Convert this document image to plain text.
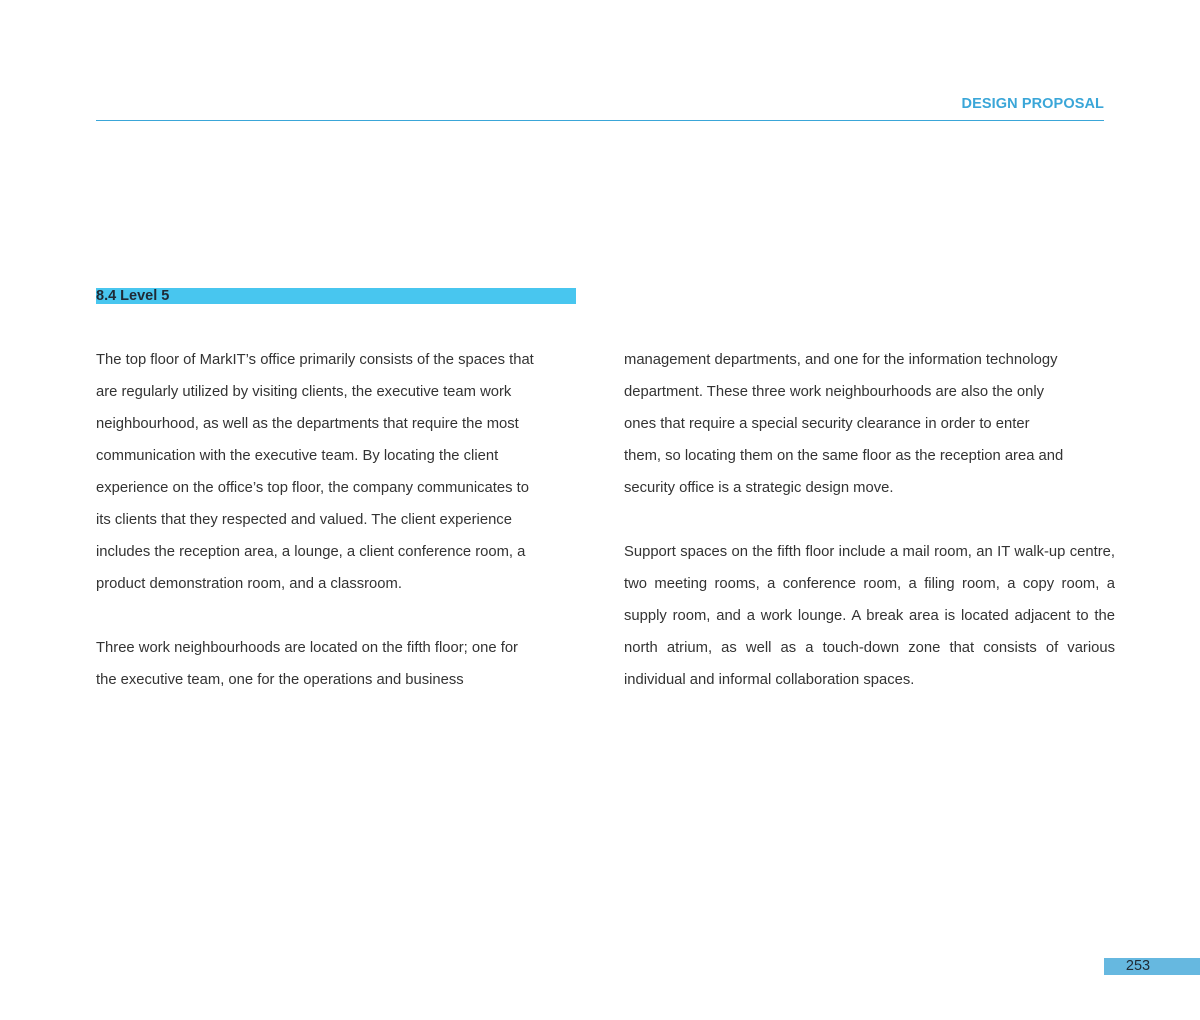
DESIGN PROPOSAL
8.4 Level 5

The top floor of MarkIT’s office primarily consists of the spaces that
are regularly utilized by visiting clients, the executive team work
neighbourhood, as well as the departments that require the most
communication with the executive team. By locating the client
experience on the office’s top floor, the company communicates to
its clients that they respected and valued. The client experience
includes the reception area, a lounge, a client conference room, a
product demonstration room, and a classroom.

Three work neighbourhoods are located on the fifth floor; one for
the executive team, one for the operations and business

management departments, and one for the information technology
department. These three work neighbourhoods are also the only
ones that require a special security clearance in order to enter
them, so locating them on the same floor as the reception area and
security office is a strategic design move.

Support spaces on the fifth floor include a mail room, an IT walk-up centre, two meeting rooms, a conference room, a filing room, a copy room, a supply room, and a work lounge. A break area is located adjacent to the north atrium, as well as a touch-down zone that consists of various individual and informal collaboration spaces.

253
